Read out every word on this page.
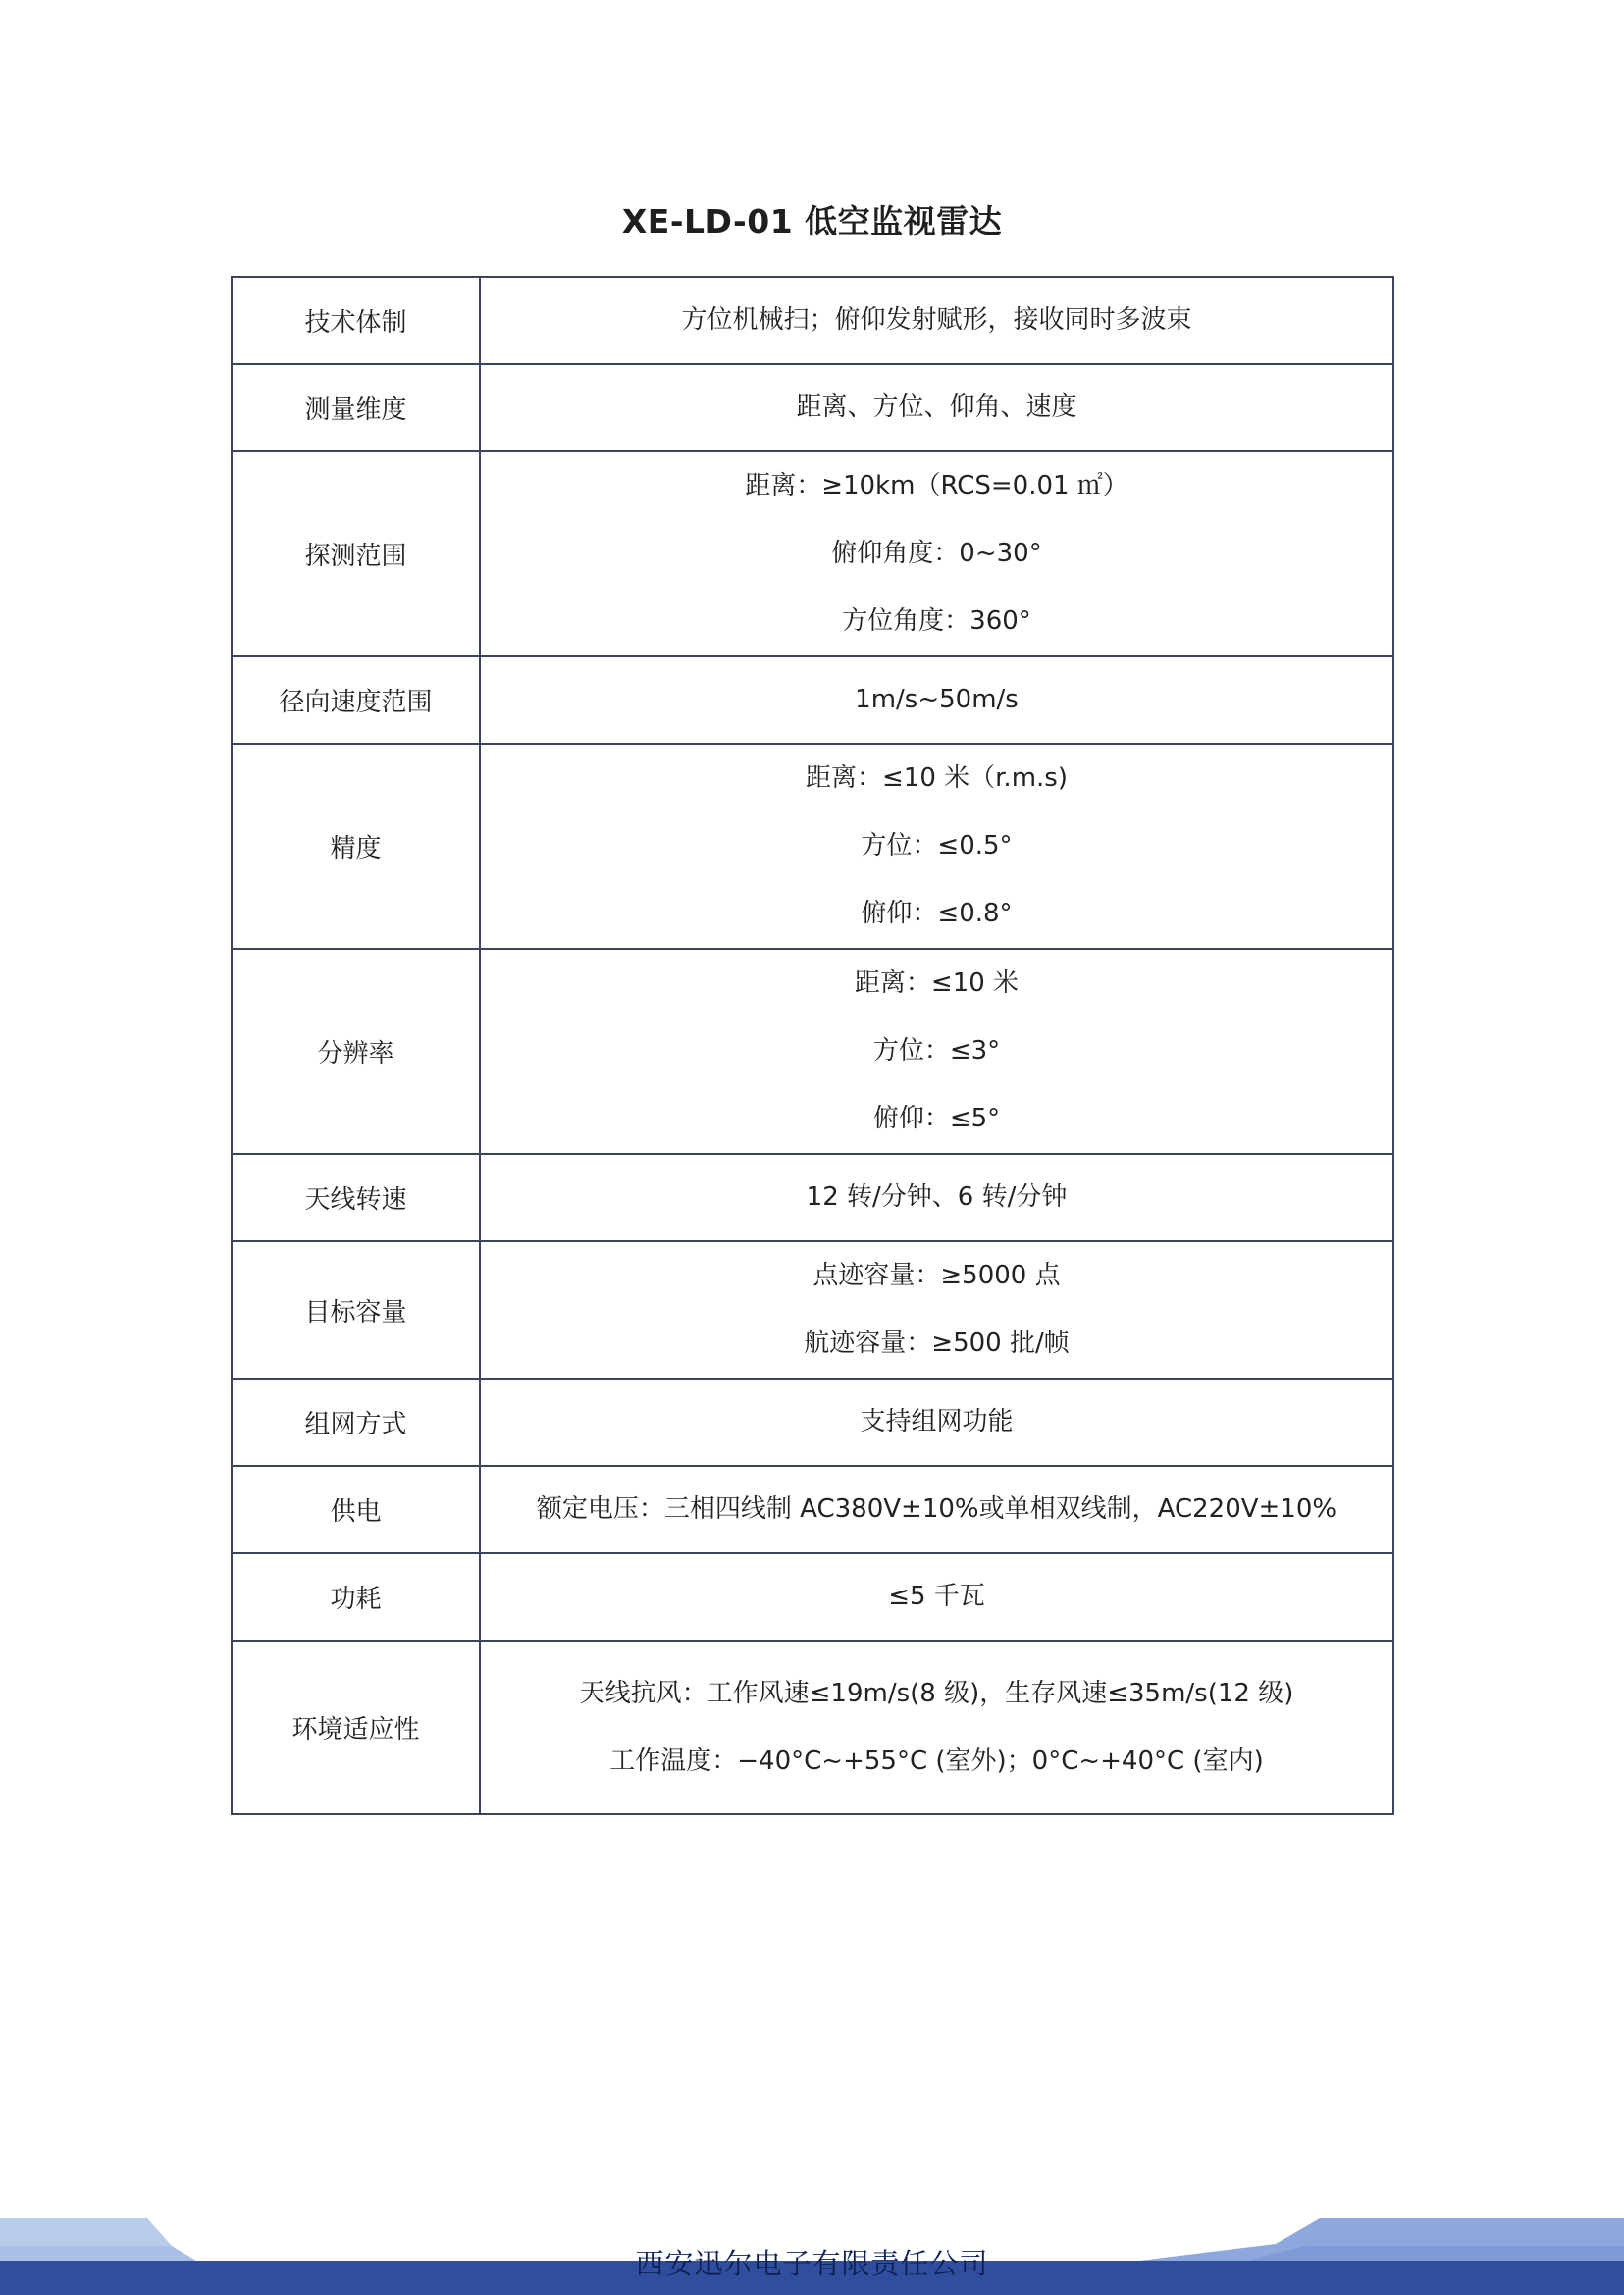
XE-LD-01 低空监视雷达
技术体制	方位机械扫；俯仰发射赋形，接收同时多波束

测量维度	距离、方位、仰角、速度

探测范围	距离：≥10km（RCS=0.01 ㎡）
俯仰角度：0~30°
方位角度：360°

径向速度范围	1m/s~50m/s

精度	距离：≤10 米（r.m.s)
方位：≤0.5°
俯仰：≤0.8°

分辨率	距离：≤10 米
方位：≤3°
俯仰：≤5°

天线转速	12 转/分钟、6 转/分钟

目标容量	点迹容量：≥5000 点
航迹容量：≥500 批/帧

组网方式	支持组网功能

供电	额定电压：三相四线制 AC380V±10%或单相双线制，AC220V±10%

功耗	≤5 千瓦

环境适应性	天线抗风：工作风速≤19m/s(8 级)，生存风速≤35m/s(12 级)
工作温度：−40°C~+55°C (室外)；0°C~+40°C (室内)
西安迅尔电子有限责任公司
